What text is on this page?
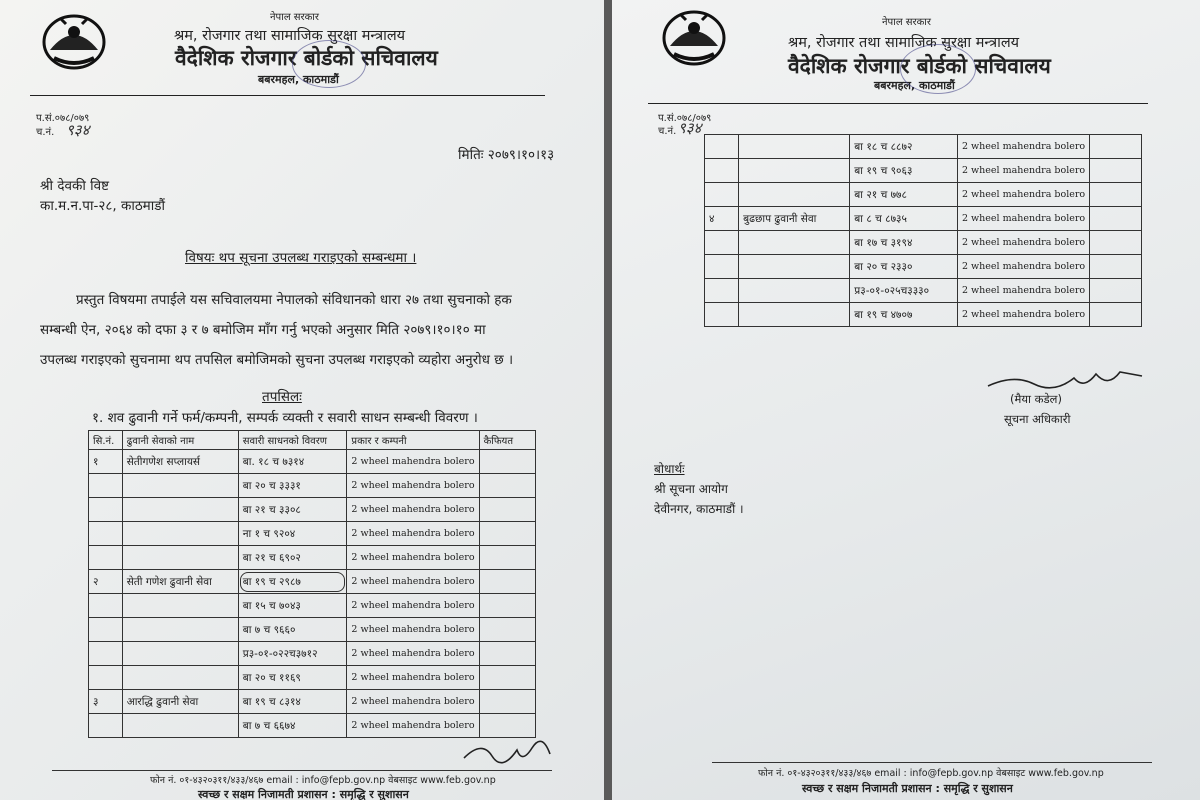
नेपाल सरकार
श्रम, रोजगार तथा सामाजिक सुरक्षा मन्त्रालय
वैदेशिक रोजगार बोर्डको सचिवालय
बबरमहल, काठमाडौं
प.सं.०७८/०७९
च.नं. ९३४
मितिः २०७९।१०।१३
श्री देवकी विष्ट
का.म.न.पा-२८, काठमाडौं
विषयः थप सूचना उपलब्ध गराइएको सम्बन्धमा ।
प्रस्तुत विषयमा तपाईले यस सचिवालयमा नेपालको संविधानको धारा २७ तथा सुचनाको हक
सम्बन्धी ऐन, २०६४ को दफा ३ र ७ बमोजिम माँग गर्नु भएको अनुसार मिति २०७९।१०।१० मा
उपलब्ध गराइएको सुचनामा थप तपसिल बमोजिमको सुचना उपलब्ध गराइएको व्यहोरा अनुरोध छ ।
तपसिलः
१. शव ढुवानी गर्ने फर्म/कम्पनी, सम्पर्क व्यक्ती र सवारी साधन सम्बन्धी विवरण ।
सि.नं.	ढुवानी सेवाको नाम	सवारी साधनको विवरण	प्रकार र कम्पनी	कैफियत
१	सेतीगणेश सप्लायर्स	बा. १८ च ७३१४	2 wheel mahendra bolero	
		बा २० च ३३३१	2 wheel mahendra bolero	
		बा २१ च ३३०८	2 wheel mahendra bolero	
		ना १ च ९२०४	2 wheel mahendra bolero	
		बा २१ च ६९०२	2 wheel mahendra bolero	
२	सेती गणेश ढुवानी सेवा	बा १९ च २९८७	2 wheel mahendra bolero	
		बा १५ च ७०४३	2 wheel mahendra bolero	
		बा ७ च ९६६०	2 wheel mahendra bolero	
		प्र३-०१-०२२च३७१२	2 wheel mahendra bolero	
		बा २० च ११६९	2 wheel mahendra bolero	
३	आरद्धि ढुवानी सेवा	बा १९ च ८३१४	2 wheel mahendra bolero	
		बा ७ च ६६७४	2 wheel mahendra bolero	
फोन नं. ०१-४३२०३११/४३३/४६७ email : info@fepb.gov.np वेबसाइट www.feb.gov.np
स्वच्छ र सक्षम निजामती प्रशासन : समृद्धि र सुशासन
नेपाल सरकार
श्रम, रोजगार तथा सामाजिक सुरक्षा मन्त्रालय
वैदेशिक रोजगार बोर्डको सचिवालय
बबरमहल, काठमाडौं
प.सं.०७८/०७९
च.नं. ९३४
		बा १८ च ८८७२	2 wheel mahendra bolero	
		बा १९ च ९०६३	2 wheel mahendra bolero	
		बा २१ च ७७८	2 wheel mahendra bolero	
४	बुढछाप ढुवानी सेवा	बा ८ च ८७३५	2 wheel mahendra bolero	
		बा १७ च ३१९४	2 wheel mahendra bolero	
		बा २० च २३३०	2 wheel mahendra bolero	
		प्र३-०१-०२५च३३३०	2 wheel mahendra bolero	
		बा १९ च ४७०७	2 wheel mahendra bolero	
(मैया कडेल)
सूचना अधिकारी
बोधार्थः
श्री सूचना आयोग
देवीनगर, काठमाडौं ।
फोन नं. ०१-४३२०३११/४३३/४६७ email : info@fepb.gov.np वेबसाइट www.feb.gov.np
स्वच्छ र सक्षम निजामती प्रशासन : समृद्धि र सुशासन
